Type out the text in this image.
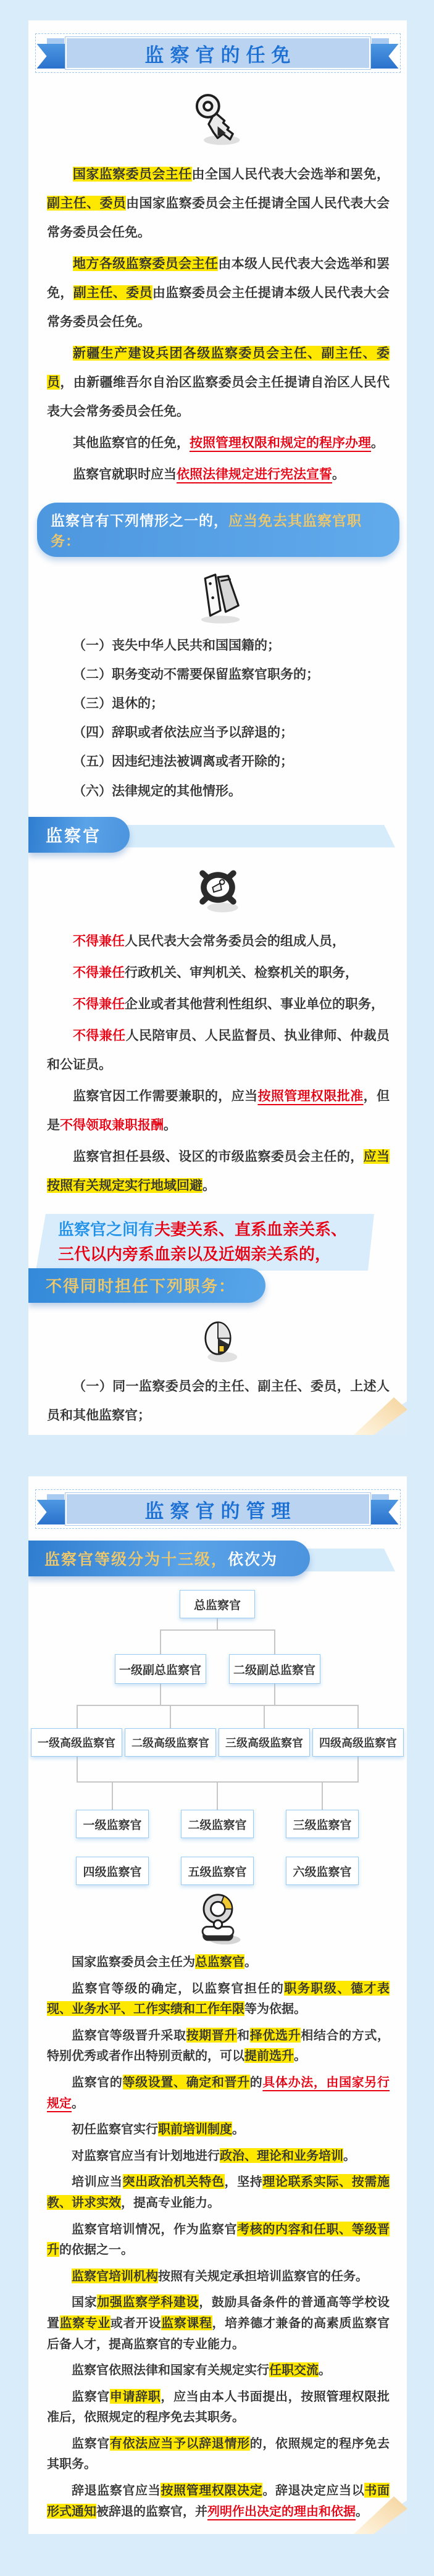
监察官的任免

国家监察委员会主任由全国人民代表大会选举和罢免，副主任、委员由国家监察委员会主任提请全国人民代表大会常务委员会任免。

地方各级监察委员会主任由本级人民代表大会选举和罢免，副主任、委员由监察委员会主任提请本级人民代表大会常务委员会任免。

新疆生产建设兵团各级监察委员会主任、副主任、委员，由新疆维吾尔自治区监察委员会主任提请自治区人民代表大会常务委员会任免。

其他监察官的任免，按照管理权限和规定的程序办理。

监察官就职时应当依照法律规定进行宪法宣誓。

监察官有下列情形之一的，应当免去其监察官职务：
（一）丧失中华人民共和国国籍的；
（二）职务变动不需要保留监察官职务的；
（三）退休的；
（四）辞职或者依法应当予以辞退的；
（五）因违纪违法被调离或者开除的；
（六）法律规定的其他情形。
监察官

不得兼任人民代表大会常务委员会的组成人员，

不得兼任行政机关、审判机关、检察机关的职务，

不得兼任企业或者其他营利性组织、事业单位的职务，

不得兼任人民陪审员、人民监督员、执业律师、仲裁员和公证员。

监察官因工作需要兼职的，应当按照管理权限批准，但是不得领取兼职报酬。

监察官担任县级、设区的市级监察委员会主任的，应当按照有关规定实行地域回避。

监察官之间有夫妻关系、直系血亲关系、
三代以内旁系血亲以及近姻亲关系的，
不得同时担任下列职务：
（一）同一监察委员会的主任、副主任、委员，上述人员和其他监察官；
监察官的管理
监察官等级分为十三级， 依次为
总监察官
一级副总监察官	二级副总监察官
一级高级监察官	二级高级监察官	三级高级监察官	四级高级监察官
一级监察官	二级监察官	三级监察官
四级监察官	五级监察官	六级监察官

国家监察委员会主任为总监察官。

监察官等级的确定，以监察官担任的职务职级、德才表现、业务水平、工作实绩和工作年限等为依据。

监察官等级晋升采取按期晋升和择优选升相结合的方式，特别优秀或者作出特别贡献的，可以提前选升。

监察官的等级设置、确定和晋升的具体办法，由国家另行规定。

初任监察官实行职前培训制度。

对监察官应当有计划地进行政治、理论和业务培训。

培训应当突出政治机关特色，坚持理论联系实际、按需施教、讲求实效，提高专业能力。

监察官培训情况，作为监察官考核的内容和任职、等级晋升的依据之一。

监察官培训机构按照有关规定承担培训监察官的任务。

国家加强监察学科建设，鼓励具备条件的普通高等学校设置监察专业或者开设监察课程，培养德才兼备的高素质监察官后备人才，提高监察官的专业能力。

监察官依照法律和国家有关规定实行任职交流。

监察官申请辞职，应当由本人书面提出，按照管理权限批准后，依照规定的程序免去其职务。

监察官有依法应当予以辞退情形的，依照规定的程序免去其职务。

辞退监察官应当按照管理权限决定。辞退决定应当以书面形式通知被辞退的监察官，并列明作出决定的理由和依据。
